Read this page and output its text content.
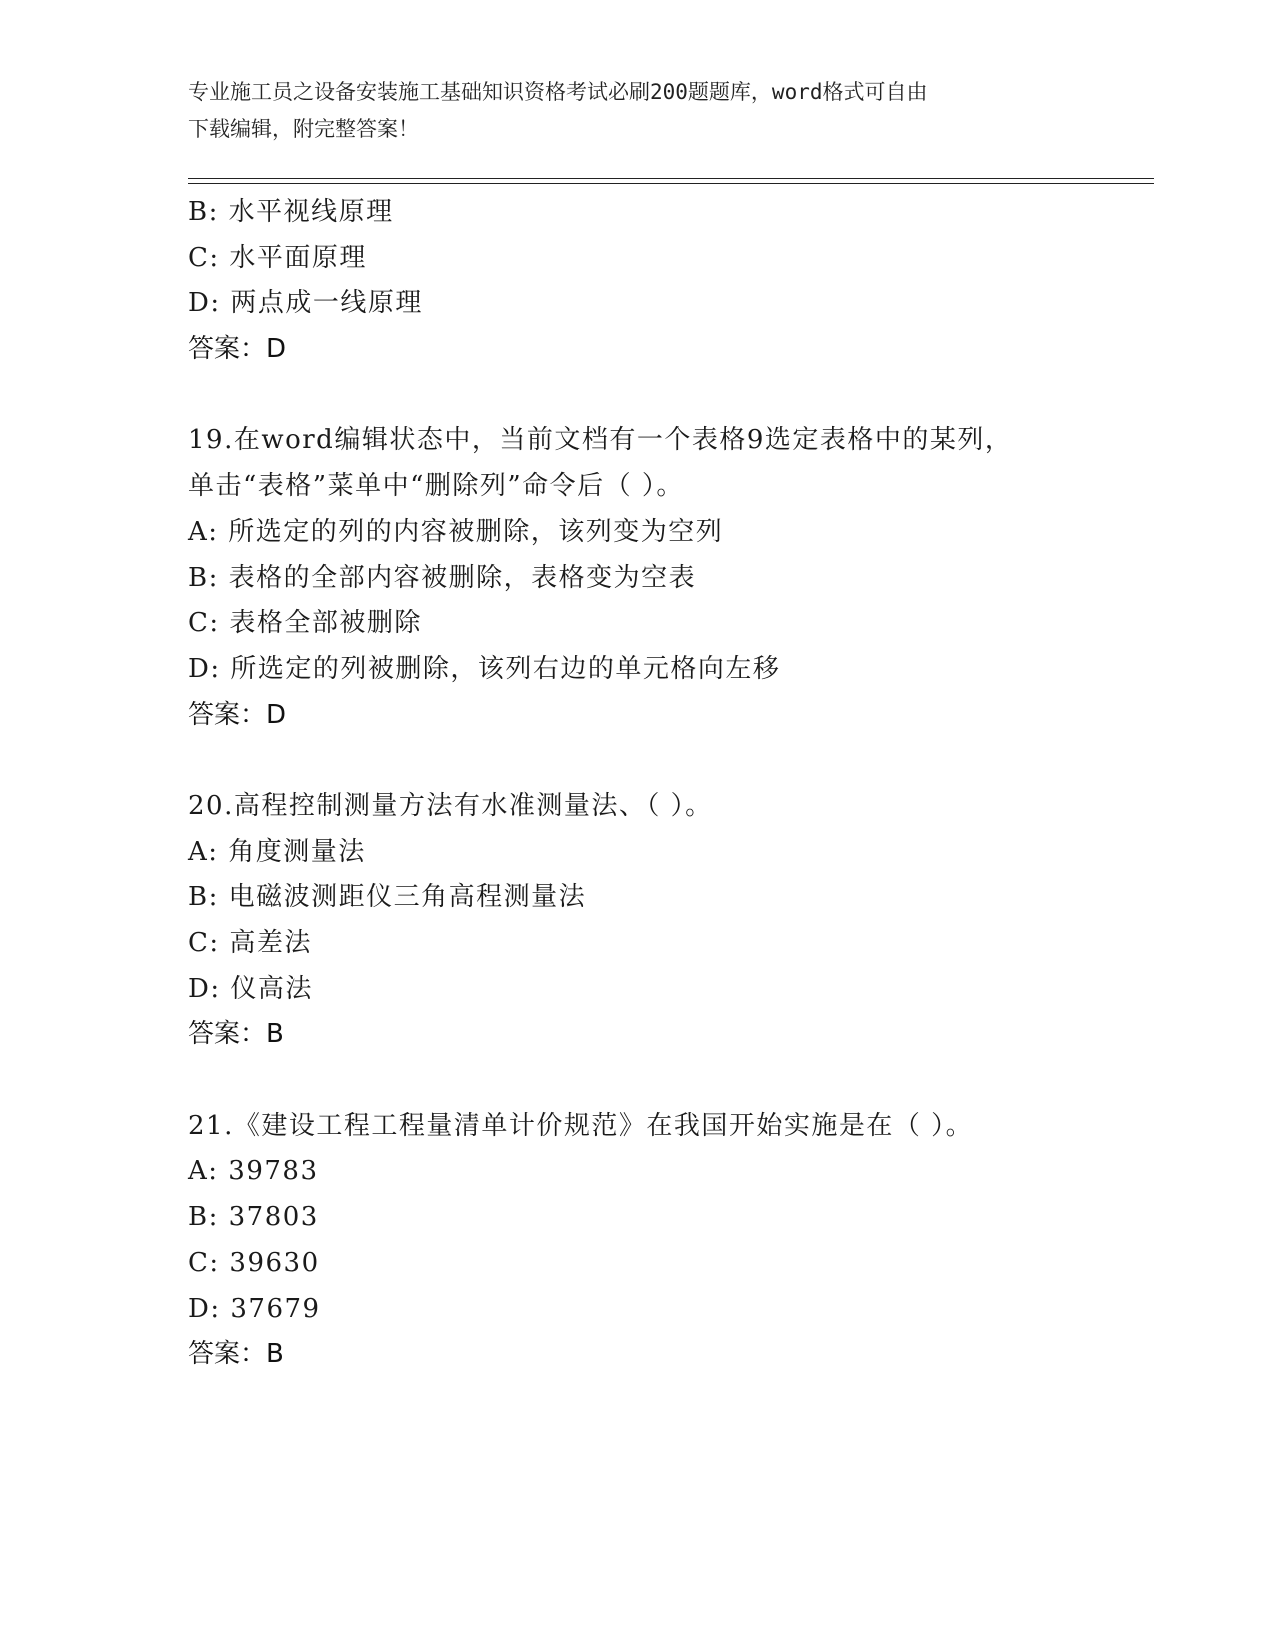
专业施工员之设备安装施工基础知识资格考试必刷200题题库，word格式可自由
下载编辑，附完整答案！
B: 水平视线原理
C: 水平面原理
D: 两点成一线原理
答案：D
19.在word编辑状态中，当前文档有一个表格9选定表格中的某列，
单击“表格”菜单中“删除列”命令后（ ）。
A: 所选定的列的内容被删除，该列变为空列
B: 表格的全部内容被删除，表格变为空表
C: 表格全部被删除
D: 所选定的列被删除，该列右边的单元格向左移
答案：D
20.高程控制测量方法有水准测量法、（ ）。
A: 角度测量法
B: 电磁波测距仪三角高程测量法
C: 高差法
D: 仪高法
答案：B
21.《建设工程工程量清单计价规范》在我国开始实施是在（ ）。
A: 39783
B: 37803
C: 39630
D: 37679
答案：B
